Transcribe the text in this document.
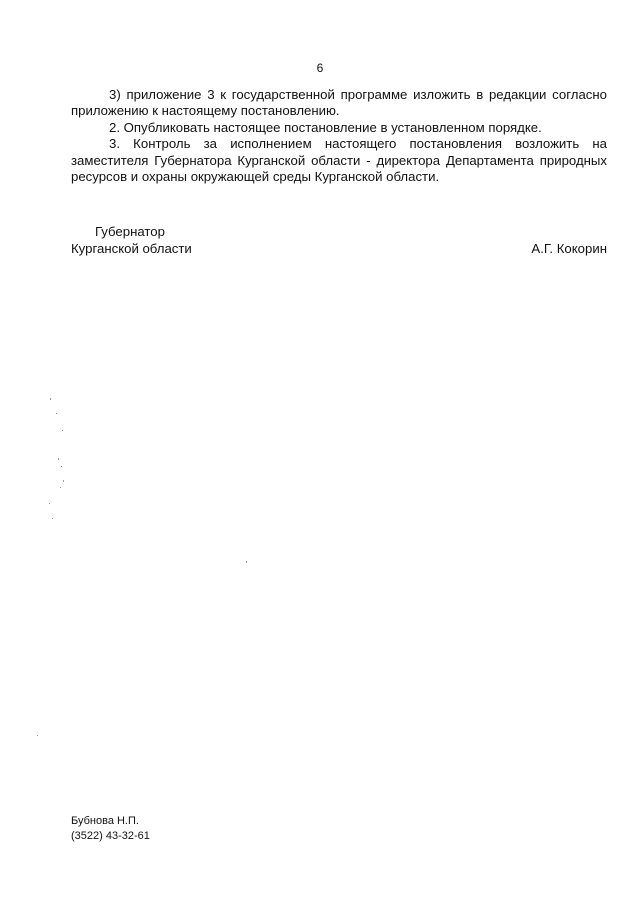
6

3) приложение 3 к государственной программе изложить в редакции согласно приложению к настоящему постановлению.

2. Опубликовать настоящее постановление в установленном порядке.

3. Контроль за исполнением настоящего постановления возложить на заместителя Губернатора Курганской области - директора Департамента природных ресурсов и охраны окружающей среды Курганской области.

Губернатор
Курганской области	А.Г. Кокорин
Бубнова Н.П.
(3522) 43-32-61
